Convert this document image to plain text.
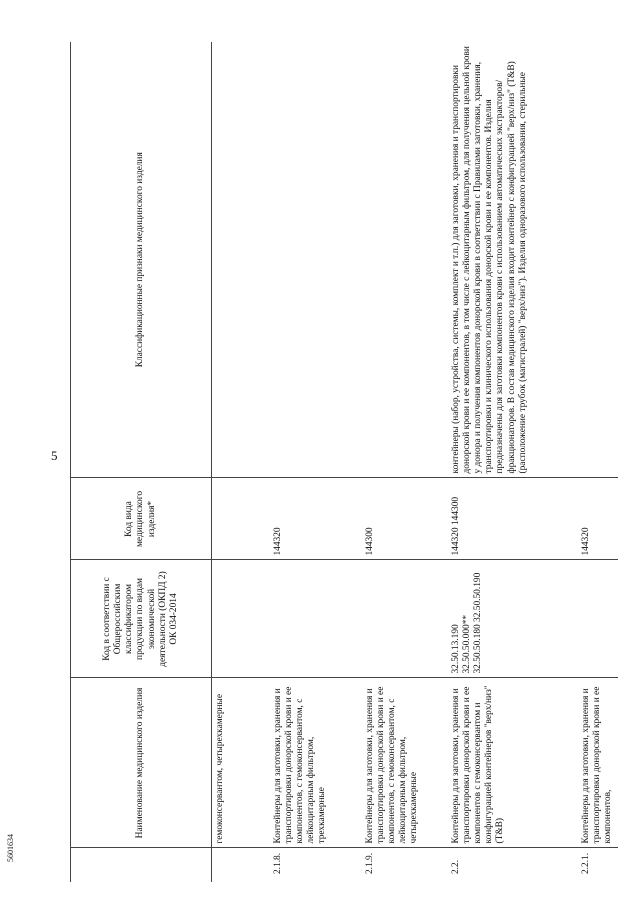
5
5601634
	Наименование медицинского изделия	Код в соответствии с Общероссийским классификатором продукции по видам экономической деятельности (ОКПД 2) ОК 034-2014	Код вида медицинского изделия*	Классификационные признаки медицинского изделия
	гемоконсервантом, четырехкамерные			
2.1.8.	Контейнеры для заготовки, хранения и транспортировки донорской крови и ее компонентов, с гемоконсервантом, с лейкоцитарным фильтром, трехкамерные		144320	
2.1.9.	Контейнеры для заготовки, хранения и транспортировки донорской крови и ее компонентов, с гемоконсервантом, с лейкоцитарным фильтром, четырехкамерные		144300	
2.2.	Контейнеры для заготовки, хранения и транспортировки донорской крови и ее компонентов с гемоконсервантом и конфигурацией контейнеров "верх/низ" (T&B)	32.50.13.190 32.50.50.000** 32.50.50.180 32.50.50.190	144320 144300	контейнеры (набор, устройства, системы, комплект и т.п.) для заготовки, хранения и транспортировки донорской крови и ее компонентов, в том числе с лейкоцитарным фильтром, для получения цельной крови у донора и получения компонентов донорской крови в соответствии с Правилами заготовки, хранения, транспортировки и клинического использования донорской крови и ее компонентов. Изделия предназначены для заготовки компонентов крови с использованием автоматических экстракторов/фракционаторов. В состав медицинского изделия входит контейнер с конфигурацией "верх/низ" (T&B) (расположение трубок (магистралей) "верх/низ"). Изделия одноразового использования, стерильные
2.2.1.	Контейнеры для заготовки, хранения и транспортировки донорской крови и ее компонентов,		144320	
